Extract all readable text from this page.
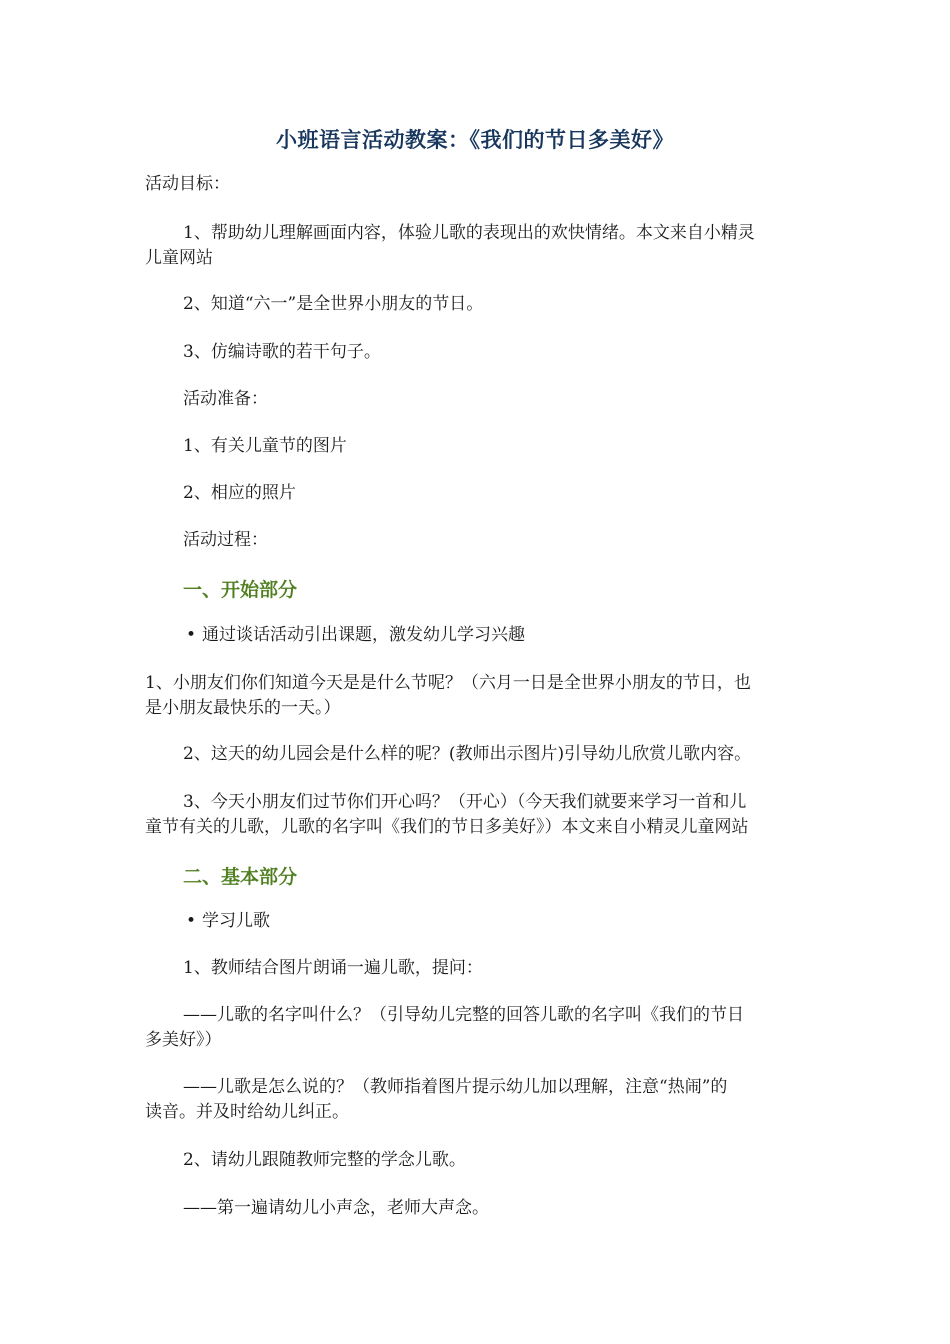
小班语言活动教案：《我们的节日多美好》
活动目标：
1、帮助幼儿理解画面内容，体验儿歌的表现出的欢快情绪。本文来自小精灵
儿童网站
2、知道“六一”是全世界小朋友的节日。
3、仿编诗歌的若干句子。
活动准备：
1、有关儿童节的图片
2、相应的照片
活动过程：
一、开始部分
• 通过谈话活动引出课题，激发幼儿学习兴趣
1、小朋友们你们知道今天是是什么节呢？（六月一日是全世界小朋友的节日，也
是小朋友最快乐的一天。）
2、这天的幼儿园会是什么样的呢？(教师出示图片)引导幼儿欣赏儿歌内容。
3、今天小朋友们过节你们开心吗？（开心）（今天我们就要来学习一首和儿
童节有关的儿歌，儿歌的名字叫《我们的节日多美好》）本文来自小精灵儿童网站
二、基本部分
• 学习儿歌
1、教师结合图片朗诵一遍儿歌，提问：
——儿歌的名字叫什么？（引导幼儿完整的回答儿歌的名字叫《我们的节日
多美好》）
——儿歌是怎么说的？（教师指着图片提示幼儿加以理解，注意“热闹”的
读音。并及时给幼儿纠正。
2、请幼儿跟随教师完整的学念儿歌。
——第一遍请幼儿小声念，老师大声念。
